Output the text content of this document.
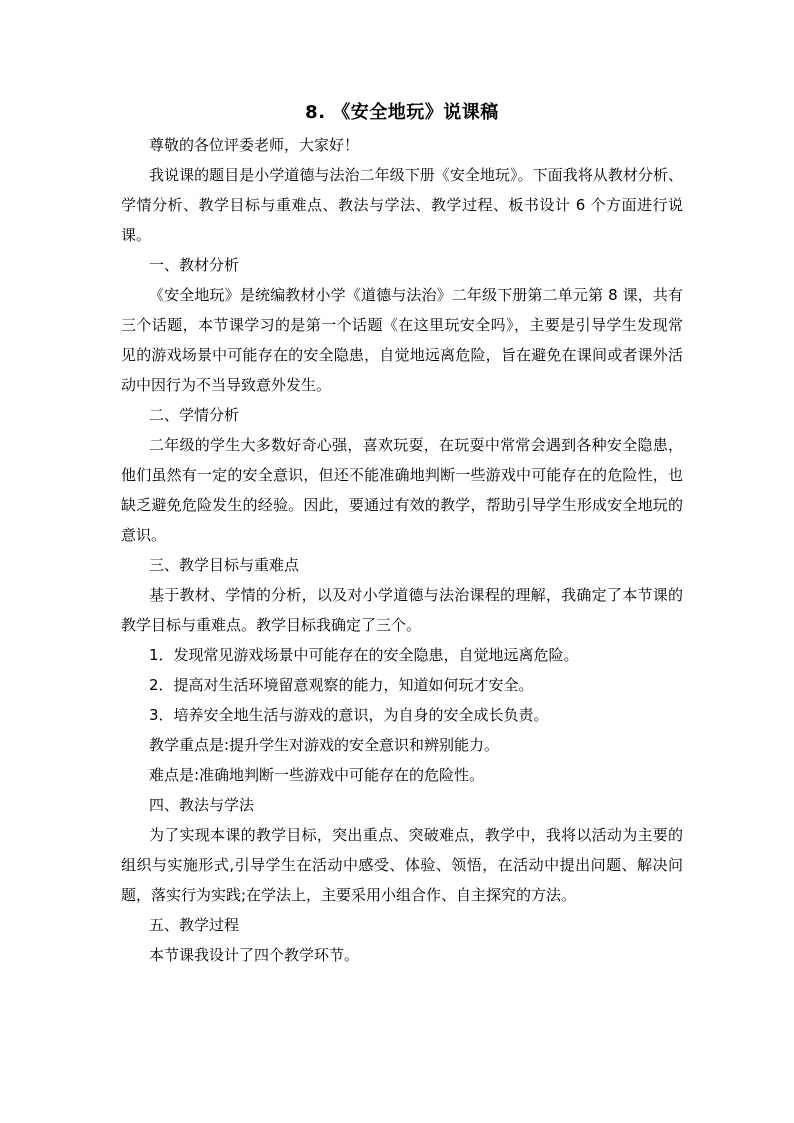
8. 《安全地玩》说课稿

尊敬的各位评委老师，大家好！

我说课的题目是小学道德与法治二年级下册《安全地玩》。下面我将从教材分析、学情分析、教学目标与重难点、教法与学法、教学过程、板书设计 6 个方面进行说课。

一、教材分析

《安全地玩》是统编教材小学《道德与法治》二年级下册第二单元第 8 课，共有三个话题，本节课学习的是第一个话题《在这里玩安全吗》，主要是引导学生发现常见的游戏场景中可能存在的安全隐患，自觉地远离危险，旨在避免在课间或者课外活动中因行为不当导致意外发生。

二、学情分析

二年级的学生大多数好奇心强，喜欢玩耍，在玩耍中常常会遇到各种安全隐患，他们虽然有一定的安全意识，但还不能准确地判断一些游戏中可能存在的危险性，也缺乏避免危险发生的经验。因此，要通过有效的教学，帮助引导学生形成安全地玩的意识。

三、教学目标与重难点

基于教材、学情的分析，以及对小学道德与法治课程的理解，我确定了本节课的教学目标与重难点。教学目标我确定了三个。

1．发现常见游戏场景中可能存在的安全隐患，自觉地远离危险。

2．提高对生活环境留意观察的能力，知道如何玩才安全。

3．培养安全地生活与游戏的意识，为自身的安全成长负责。

教学重点是:提升学生对游戏的安全意识和辨别能力。

难点是:准确地判断一些游戏中可能存在的危险性。

四、教法与学法

为了实现本课的教学目标，突出重点、突破难点，教学中，我将以活动为主要的组织与实施形式,引导学生在活动中感受、体验、领悟，在活动中提出问题、解决问题，落实行为实践;在学法上，主要采用小组合作、自主探究的方法。

五、教学过程

本节课我设计了四个教学环节。
